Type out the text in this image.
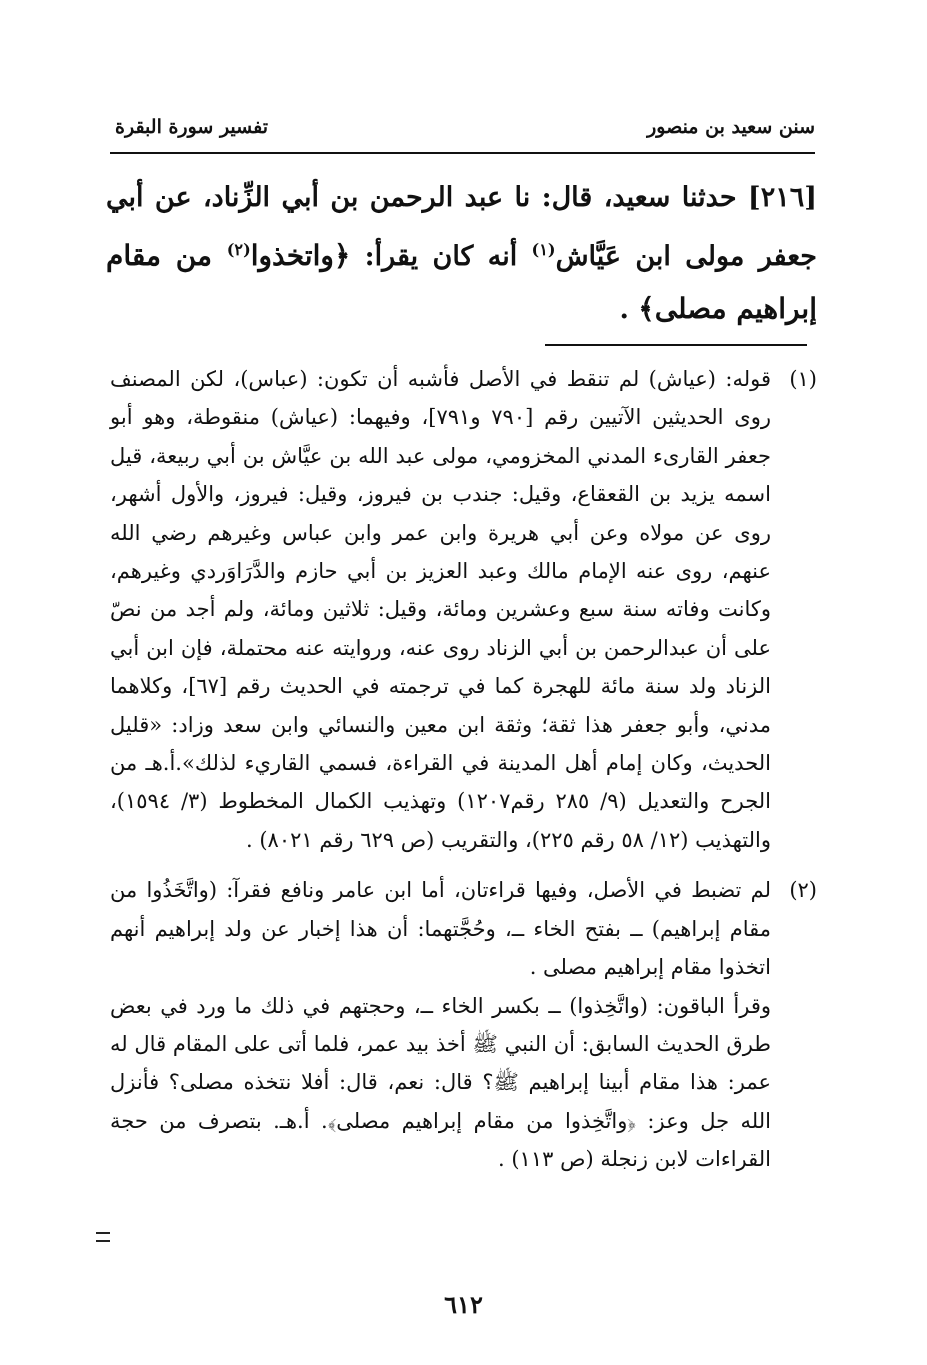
سنن سعيد بن منصور
تفسير سورة البقرة
[٢١٦] حدثنا سعيد، قال: نا عبد الرحمن بن أبي الزِّناد، عن أبي جعفر مولى ابن عَيَّاش$^{(١)}$ أنه كان يقرأ: ﴿واتخذوا$^{(٢)}$ من مقام إبراهيم مصلى﴾ .
(١)

قوله: (عياش) لم تنقط في الأصل فأشبه أن تكون: (عباس)، لكن المصنف روى الحديثين الآتيين رقم [٧٩٠ و٧٩١]، وفيهما: (عياش) منقوطة، وهو أبو جعفر القارىء المدني المخزومي، مولى عبد الله بن عيَّاش بن أبي ربيعة، قيل اسمه يزيد بن القعقاع، وقيل: جندب بن فيروز، وقيل: فيروز، والأول أشهر، روى عن مولاه وعن أبي هريرة وابن عمر وابن عباس وغيرهم رضي الله عنهم، روى عنه الإمام مالك وعبد العزيز بن أبي حازم والدَّرَاوَردي وغيرهم، وكانت وفاته سنة سبع وعشرين ومائة، وقيل: ثلاثين ومائة، ولم أجد من نصّ على أن عبدالرحمن بن أبي الزناد روى عنه، وروايته عنه محتملة، فإن ابن أبي الزناد ولد سنة مائة للهجرة كما في ترجمته في الحديث رقم [٦٧]، وكلاهما مدني، وأبو جعفر هذا ثقة؛ وثقة ابن معين والنسائي وابن سعد وزاد: «قليل الحديث، وكان إمام أهل المدينة في القراءة، فسمي القاريء لذلك».أ.هـ من الجرح والتعديل (٩/ ٢٨٥ رقم١٢٠٧) وتهذيب الكمال المخطوط (٣/ ١٥٩٤)، والتهذيب (١٢/ ٥٨ رقم ٢٢٥)، والتقريب (ص ٦٢٩ رقم ٨٠٢١) .

(٢)

لم تضبط في الأصل، وفيها قراءتان، أما ابن عامر ونافع فقرآ: (واتَّخَذُوا من مقام إبراهيم) ــ بفتح الخاء ــ، وحُجَّتهما: أن هذا إخبار عن ولد إبراهيم أنهم اتخذوا مقام إبراهيم مصلى .

وقرأ الباقون: (واتَّخِذوا) ــ بكسر الخاء ــ، وحجتهم في ذلك ما ورد في بعض طرق الحديث السابق: أن النبي ﷺ أخذ بيد عمر، فلما أتى على المقام قال له عمر: هذا مقام أبينا إبراهيم ﷺ؟ قال: نعم، قال: أفلا نتخذه مصلى؟ فأنزل الله جل وعز: ﴿واتَّخِذوا من مقام إبراهيم مصلى﴾. أ.هـ. بتصرف من حجة القراءات لابن زنجلة (ص ١١٣) .

٦١٢
